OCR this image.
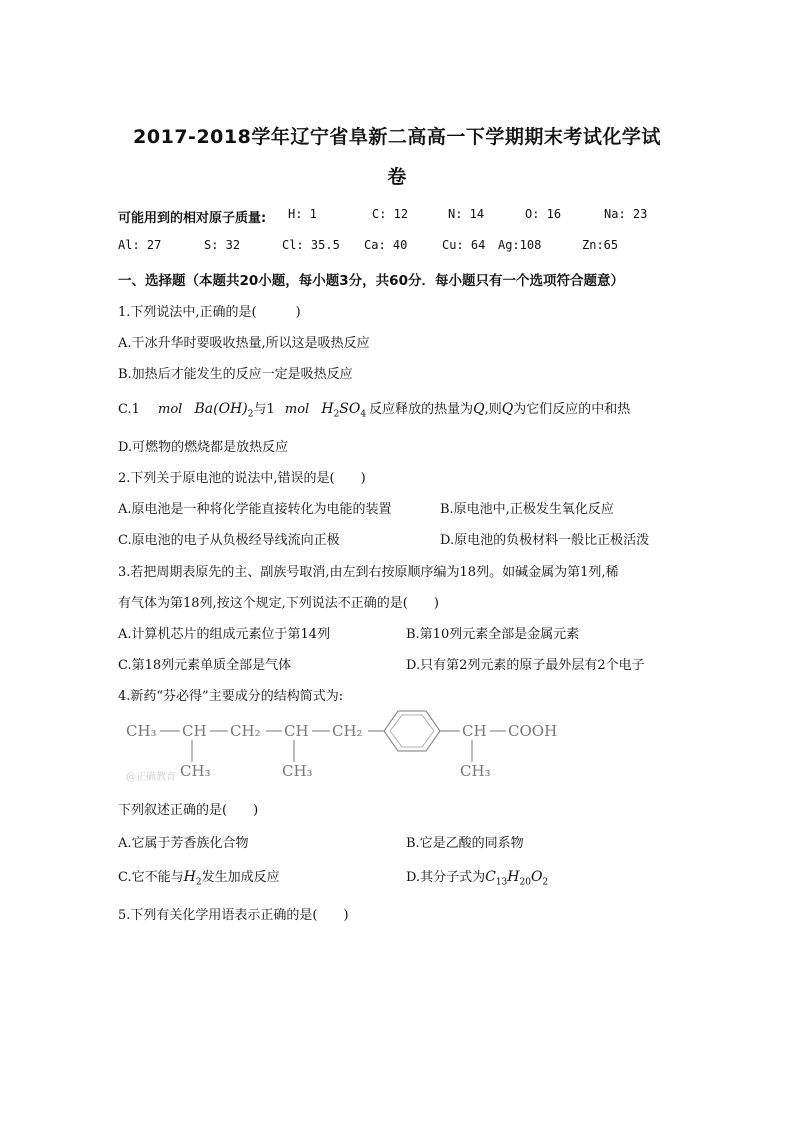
2017-2018学年辽宁省阜新二高高一下学期期末考试化学试
卷
可能用到的相对原子质量: H: 1	C: 12	N: 14	O: 16	Na: 23
Al: 27	S: 32	Cl: 35.5 Ca: 40	Cu: 64 Ag:108	Zn:65
一、选择题（本题共20小题，每小题3分，共60分．每小题只有一个选项符合题意）
1.下列说法中,正确的是(　　　)
A.干冰升华时要吸收热量,所以这是吸热反应
B.加热后才能发生的反应一定是吸热反应
C.1 mol $Ba(OH)_2$与1 mol $H_2SO_4$ 反应释放的热量为Q,则Q为它们反应的中和热
D.可燃物的燃烧都是放热反应
2.下列关于原电池的说法中,错误的是(　　)
A.原电池是一种将化学能直接转化为电能的装置	B.原电池中,正极发生氧化反应
C.原电池的电子从负极经导线流向正极	D.原电池的负极材料一般比正极活泼
3.若把周期表原先的主、副族号取消,由左到右按原顺序编为18列。如碱金属为第1列,稀
有气体为第18列,按这个规定,下列说法不正确的是(　　)
A.计算机芯片的组成元素位于第14列	B.第10列元素全部是金属元素
C.第18列元素单质全部是气体	D.只有第2列元素的原子最外层有2个电子
4.新药“芬必得”主要成分的结构简式为:
CH₃ CH CH₂ CH CH₂	CH COOH
CH₃	CH₃	CH₃
@正确教育
下列叙述正确的是(　　)
A.它属于芳香族化合物	B.它是乙酸的同系物
C.它不能与$H_2$发生加成反应	D.其分子式为$C_{13}H_{20}O_2$
5.下列有关化学用语表示正确的是(　　)
